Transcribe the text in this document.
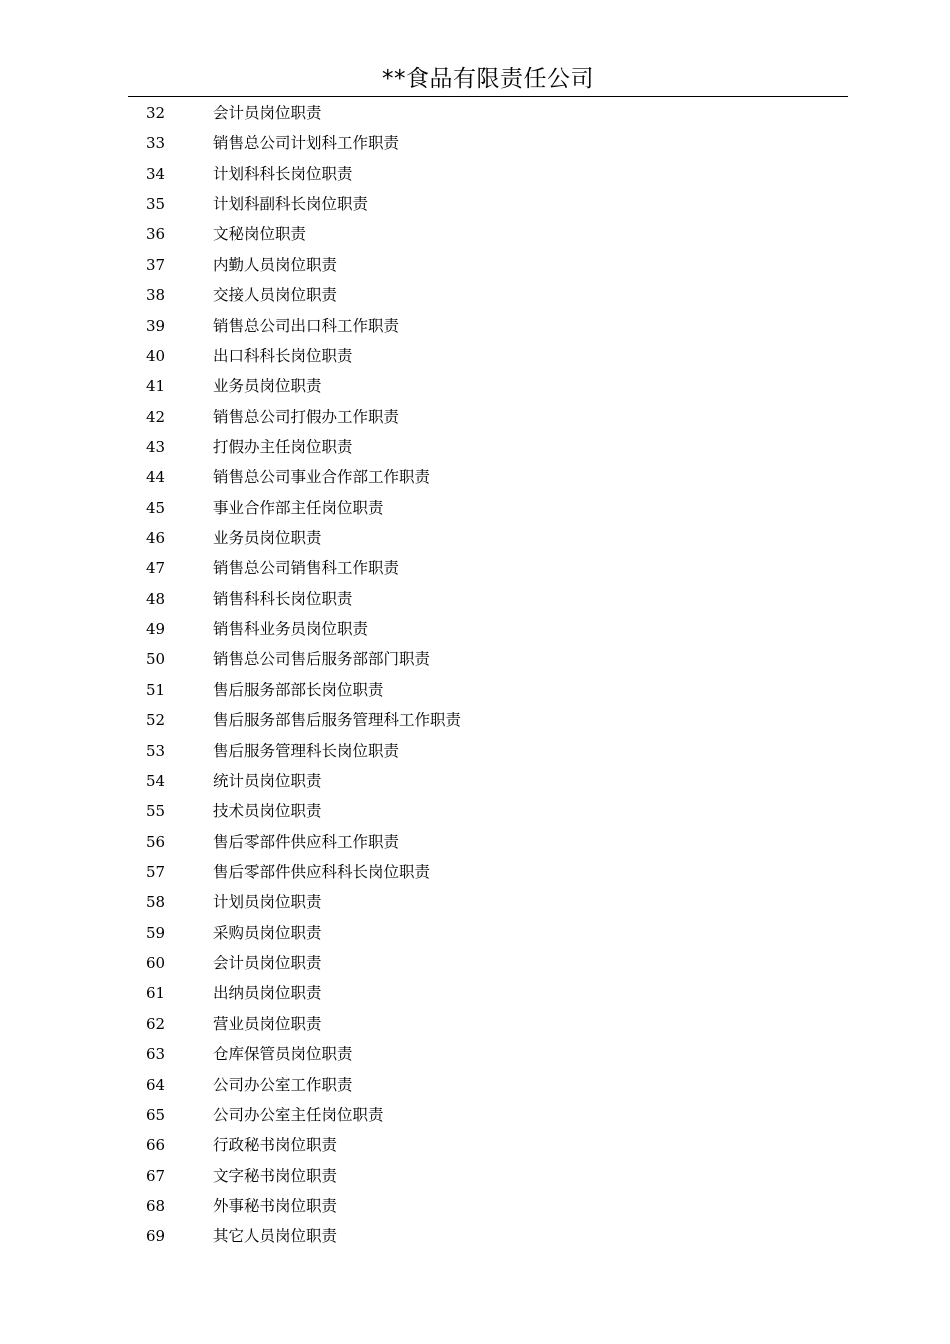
**食品有限责任公司
32	会计员岗位职责
33	销售总公司计划科工作职责
34	计划科科长岗位职责
35	计划科副科长岗位职责
36	文秘岗位职责
37	内勤人员岗位职责
38	交接人员岗位职责
39	销售总公司出口科工作职责
40	出口科科长岗位职责
41	业务员岗位职责
42	销售总公司打假办工作职责
43	打假办主任岗位职责
44	销售总公司事业合作部工作职责
45	事业合作部主任岗位职责
46	业务员岗位职责
47	销售总公司销售科工作职责
48	销售科科长岗位职责
49	销售科业务员岗位职责
50	销售总公司售后服务部部门职责
51	售后服务部部长岗位职责
52	售后服务部售后服务管理科工作职责
53	售后服务管理科长岗位职责
54	统计员岗位职责
55	技术员岗位职责
56	售后零部件供应科工作职责
57	售后零部件供应科科长岗位职责
58	计划员岗位职责
59	采购员岗位职责
60	会计员岗位职责
61	出纳员岗位职责
62	营业员岗位职责
63	仓库保管员岗位职责
64	公司办公室工作职责
65	公司办公室主任岗位职责
66	行政秘书岗位职责
67	文字秘书岗位职责
68	外事秘书岗位职责
69	其它人员岗位职责
